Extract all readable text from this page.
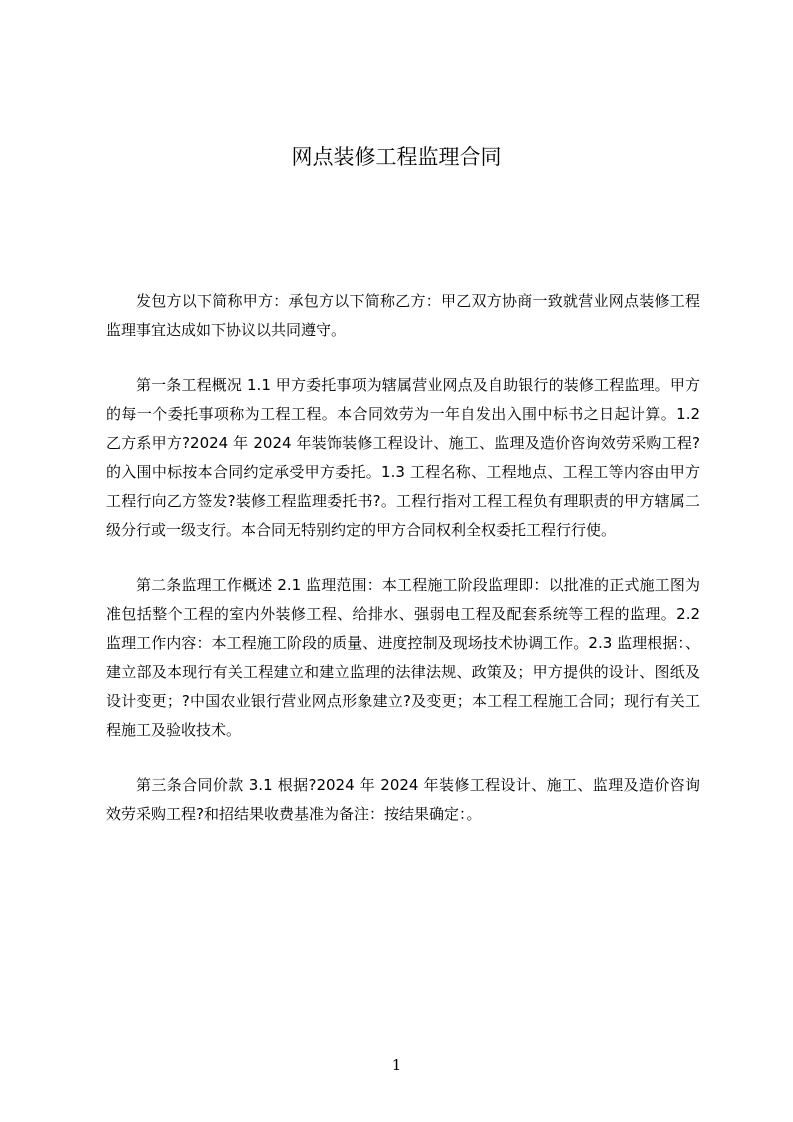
网点装修工程监理合同

发包方以下简称甲方：承包方以下简称乙方：甲乙双方协商一致就营业网点装修工程监理事宜达成如下协议以共同遵守。

第一条工程概况 1.1 甲方委托事项为辖属营业网点及自助银行的装修工程监理。甲方的每一个委托事项称为工程工程。本合同效劳为一年自发出入围中标书之日起计算。1.2 乙方系甲方?2024 年 2024 年装饰装修工程设计、施工、监理及造价咨询效劳采购工程?的入围中标按本合同约定承受甲方委托。1.3 工程名称、工程地点、工程工等内容由甲方工程行向乙方签发?装修工程监理委托书?。工程行指对工程工程负有理职责的甲方辖属二级分行或一级支行。本合同无特别约定的甲方合同权利全权委托工程行行使。

第二条监理工作概述 2.1 监理范围：本工程施工阶段监理即：以批准的正式施工图为准包括整个工程的室内外装修工程、给排水、强弱电工程及配套系统等工程的监理。2.2 监理工作内容：本工程施工阶段的质量、进度控制及现场技术协调工作。2.3 监理根据：、建立部及本现行有关工程建立和建立监理的法律法规、政策及；甲方提供的设计、图纸及设计变更；?中国农业银行营业网点形象建立?及变更；本工程工程施工合同；现行有关工程施工及验收技术。

第三条合同价款 3.1 根据?2024 年 2024 年装修工程设计、施工、监理及造价咨询效劳采购工程?和招结果收费基准为备注：按结果确定：。

1
